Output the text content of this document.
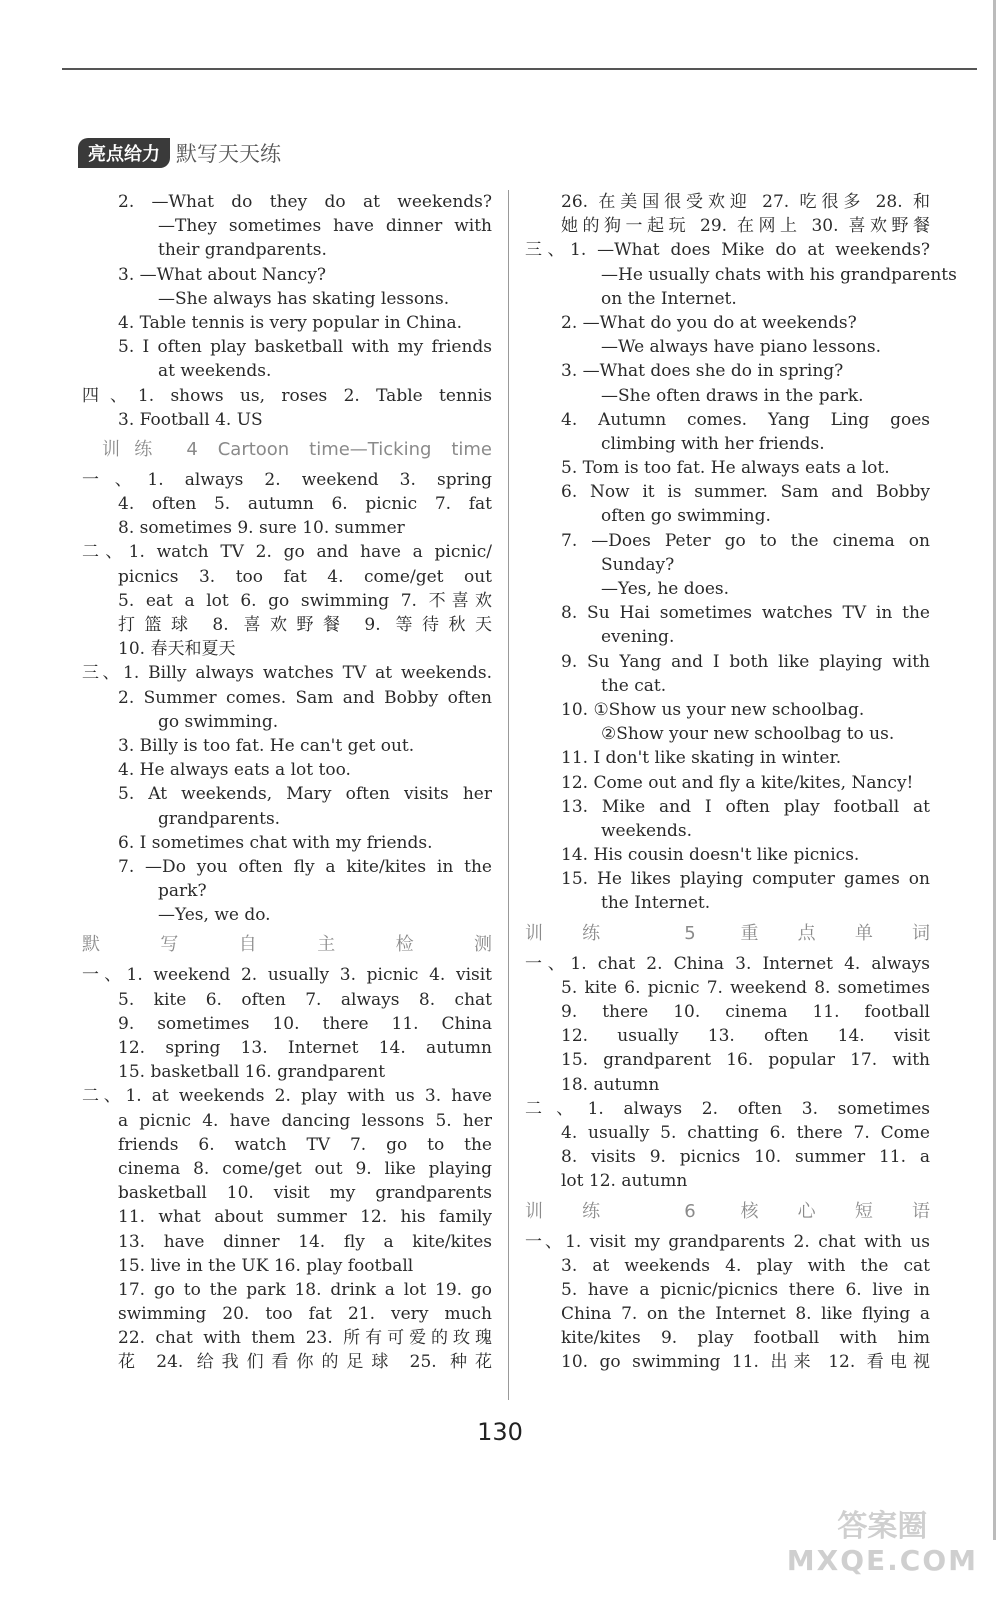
亮点给力 默写天天练
2. —What do they do at weekends?
—They sometimes have dinner with
their grandparents.
3. —What about Nancy?
—She always has skating lessons.
4. Table tennis is very popular in China.
5. I often play basketball with my friends
at weekends.
四、1. shows us, roses 2. Table tennis
3. Football 4. US
训练 4 Cartoon time—Ticking time
一、1. always 2. weekend 3. spring
4. often 5. autumn 6. picnic 7. fat
8. sometimes 9. sure 10. summer
二、1. watch TV 2. go and have a picnic/
picnics 3. too fat 4. come/get out
5. eat a lot 6. go swimming 7. 不喜欢
打篮球 8. 喜欢野餐 9. 等待秋天
10. 春天和夏天
三、1. Billy always watches TV at weekends.
2. Summer comes. Sam and Bobby often
go swimming.
3. Billy is too fat. He can't get out.
4. He always eats a lot too.
5. At weekends, Mary often visits her
grandparents.
6. I sometimes chat with my friends.
7. —Do you often fly a kite/kites in the
park?
—Yes, we do.
默写自主检测
一、1. weekend 2. usually 3. picnic 4. visit
5. kite 6. often 7. always 8. chat
9. sometimes 10. there 11. China
12. spring 13. Internet 14. autumn
15. basketball 16. grandparent
二、1. at weekends 2. play with us 3. have
a picnic 4. have dancing lessons 5. her
friends 6. watch TV 7. go to the
cinema 8. come/get out 9. like playing
basketball 10. visit my grandparents
11. what about summer 12. his family
13. have dinner 14. fly a kite/kites
15. live in the UK 16. play football
17. go to the park 18. drink a lot 19. go
swimming 20. too fat 21. very much
22. chat with them 23. 所有可爱的玫瑰
花 24. 给我们看你的足球 25. 种花
26. 在美国很受欢迎 27. 吃很多 28. 和
她的狗一起玩 29. 在网上 30. 喜欢野餐
三、1. —What does Mike do at weekends?
—He usually chats with his grandparents
on the Internet.
2. —What do you do at weekends?
—We always have piano lessons.
3. —What does she do in spring?
—She often draws in the park.
4. Autumn comes. Yang Ling goes
climbing with her friends.
5. Tom is too fat. He always eats a lot.
6. Now it is summer. Sam and Bobby
often go swimming.
7. —Does Peter go to the cinema on
Sunday?
—Yes, he does.
8. Su Hai sometimes watches TV in the
evening.
9. Su Yang and I both like playing with
the cat.
10. ①Show us your new schoolbag.
②Show your new schoolbag to us.
11. I don't like skating in winter.
12. Come out and fly a kite/kites, Nancy!
13. Mike and I often play football at
weekends.
14. His cousin doesn't like picnics.
15. He likes playing computer games on
the Internet.
训练 5 重点单词
一、1. chat 2. China 3. Internet 4. always
5. kite 6. picnic 7. weekend 8. sometimes
9. there 10. cinema 11. football
12. usually 13. often 14. visit
15. grandparent 16. popular 17. with
18. autumn
二、1. always 2. often 3. sometimes
4. usually 5. chatting 6. there 7. Come
8. visits 9. picnics 10. summer 11. a
lot 12. autumn
训练 6 核心短语
一、1. visit my grandparents 2. chat with us
3. at weekends 4. play with the cat
5. have a picnic/picnics there 6. live in
China 7. on the Internet 8. like flying a
kite/kites 9. play football with him
10. go swimming 11. 出来 12. 看电视
130
答案圈
MXQE.COM
